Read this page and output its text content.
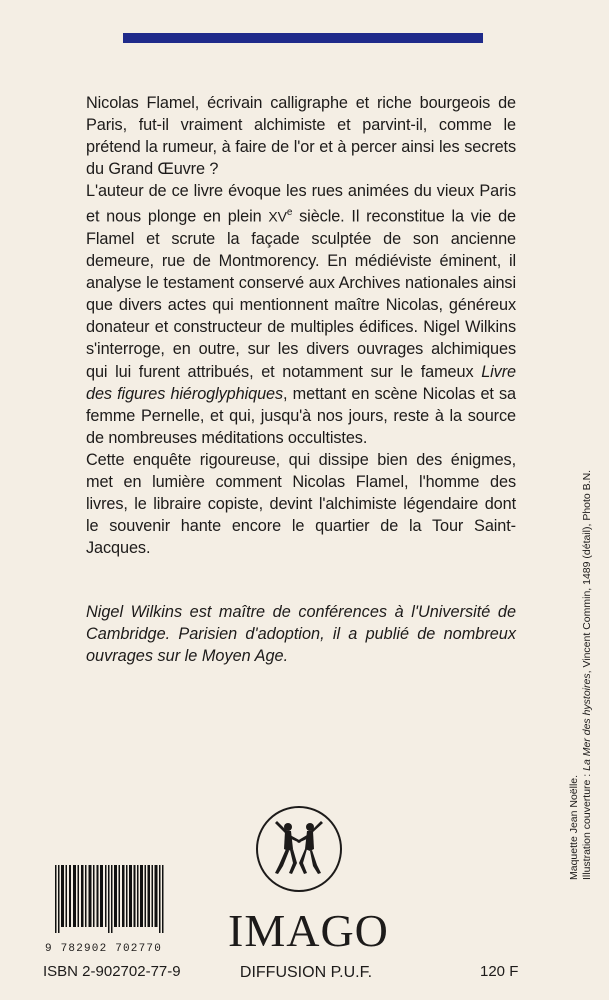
Nicolas Flamel, écrivain calligraphe et riche bourgeois de Paris, fut-il vraiment alchimiste et parvint-il, comme le prétend la rumeur, à faire de l'or et à percer ainsi les secrets du Grand Œuvre ?

L'auteur de ce livre évoque les rues animées du vieux Paris et nous plonge en plein XVe siècle. Il reconstitue la vie de Flamel et scrute la façade sculptée de son ancienne demeure, rue de Montmorency. En médiéviste éminent, il analyse le testament conservé aux Archives nationales ainsi que divers actes qui mentionnent maître Nicolas, généreux donateur et constructeur de multiples édifices. Nigel Wilkins s'interroge, en outre, sur les divers ouvrages alchimiques qui lui furent attribués, et notamment sur le fameux Livre des figures hiéroglyphiques, mettant en scène Nicolas et sa femme Pernelle, et qui, jusqu'à nos jours, reste à la source de nombreuses méditations occultistes.

Cette enquête rigoureuse, qui dissipe bien des énigmes, met en lumière comment Nicolas Flamel, l'homme des livres, le libraire copiste, devint l'alchimiste légendaire dont le souvenir hante encore le quartier de la Tour Saint-Jacques.

Nigel Wilkins est maître de conférences à l'Université de Cambridge. Parisien d'adoption, il a publié de nombreux ouvrages sur le Moyen Age.
Maquette Jean Noëlle. Illustration couverture : La Mer des hystoires, Vincent Commin, 1489 (détail), Photo B.N.
IMAGO
DIFFUSION P.U.F.
9 782902 702770
ISBN 2-902702-77-9	120 F
